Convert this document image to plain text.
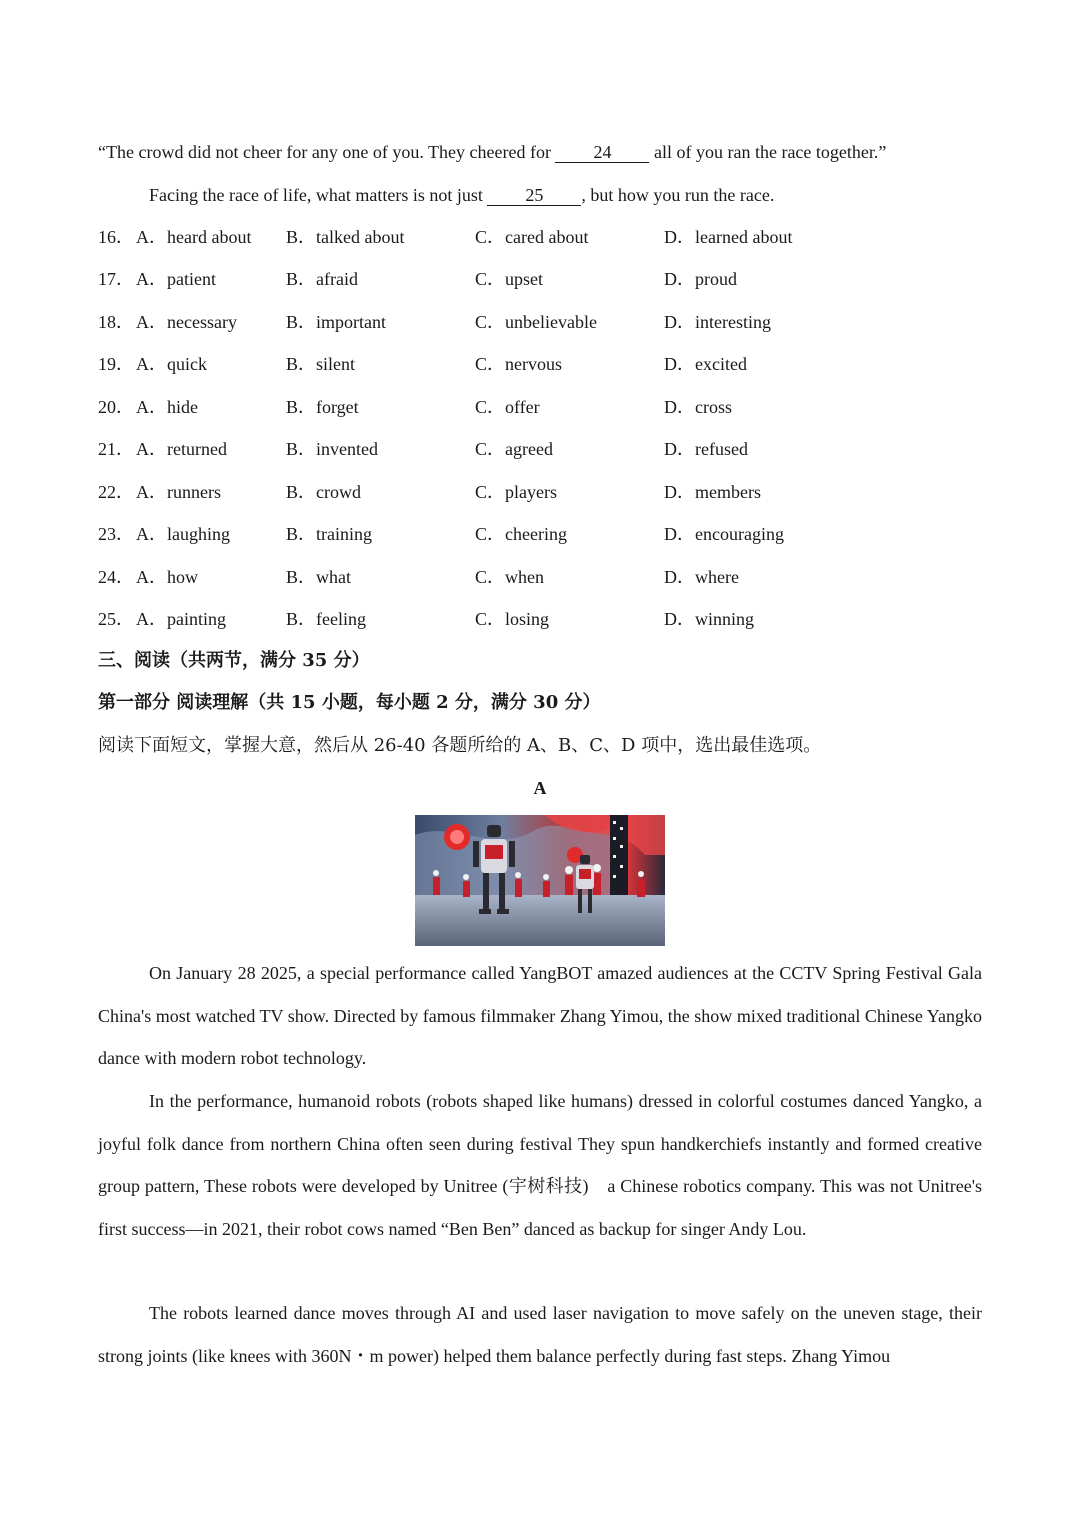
“The crowd did not cheer for any one of you. They cheered for 24 all of you ran the race together.”
Facing the race of life, what matters is not just 25 , but how you run the race.
16． A．heard about B．talked about	C．cared about	D．learned about
17． A．patient	B．afraid	C．upset	D．proud
18． A．necessary	B．important	C．unbelievable	D．interesting
19． A．quick	B．silent	C．nervous	D．excited
20． A．hide	B．forget	C．offer	D．cross
21． A．returned	B．invented	C．agreed	D．refused
22． A．runners	B．crowd	C．players	D．members
23． A．laughing	B．training	C．cheering	D．encouraging
24． A．how	B．what	C．when	D．where
25． A．painting	B．feeling	C．losing	D．winning
三、阅读（共两节，满分 35 分）
第一部分 阅读理解（共 15 小题，每小题 2 分，满分 30 分）
阅读下面短文，掌握大意，然后从 26-40 各题所给的 A、B、C、D 项中，选出最佳选项。
A

On January 28 2025, a special performance called YangBOT amazed audiences at the CCTV Spring Festival Gala China's most watched TV show. Directed by famous filmmaker Zhang Yimou, the show mixed traditional Chinese Yangko dance with modern robot technology.

In the performance, humanoid robots (robots shaped like humans) dressed in colorful costumes danced Yangko, a joyful folk dance from northern China often seen during festival They spun handkerchiefs instantly and formed creative group pattern, These robots were developed by Unitree (宇树科技)　a Chinese robotics company. This was not Unitree's first success—in 2021, their robot cows named “Ben Ben” danced as backup for singer Andy Lou.

The robots learned dance moves through AI and used laser navigation to move safely on the uneven stage, their strong joints (like knees with 360N・m power) helped them balance perfectly during fast steps. Zhang Yimou
